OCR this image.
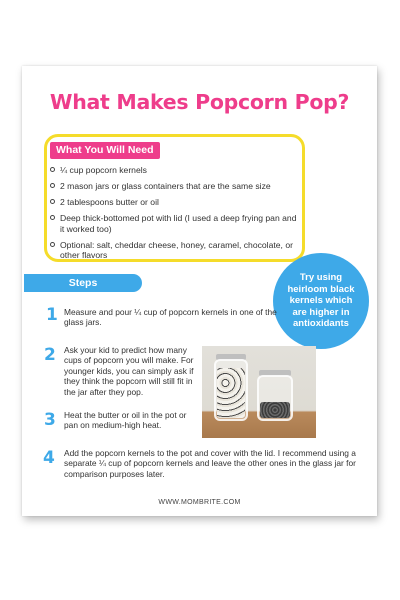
What Makes Popcorn Pop?
What You Will Need
¼ cup popcorn kernels
2 mason jars or glass containers that are the same size
2 tablespoons butter or oil
Deep thick-bottomed pot with lid (I used a deep frying pan and it worked too)
Optional: salt, cheddar cheese, honey, caramel, chocolate, or other flavors
Try using heirloom black kernels which are higher in antioxidants
Steps
1 Measure and pour ¼ cup of popcorn kernels in one of the glass jars.
2 Ask your kid to predict how many cups of popcorn you will make. For younger kids, you can simply ask if they think the popcorn will still fit in the jar after they pop.
3 Heat the butter or oil in the pot or pan on medium-high heat.
4 Add the popcorn kernels to the pot and cover with the lid. I recommend using a separate ¼ cup of popcorn kernels and leave the other ones in the glass jar for comparison purposes later.
WWW.MOMBRITE.COM
